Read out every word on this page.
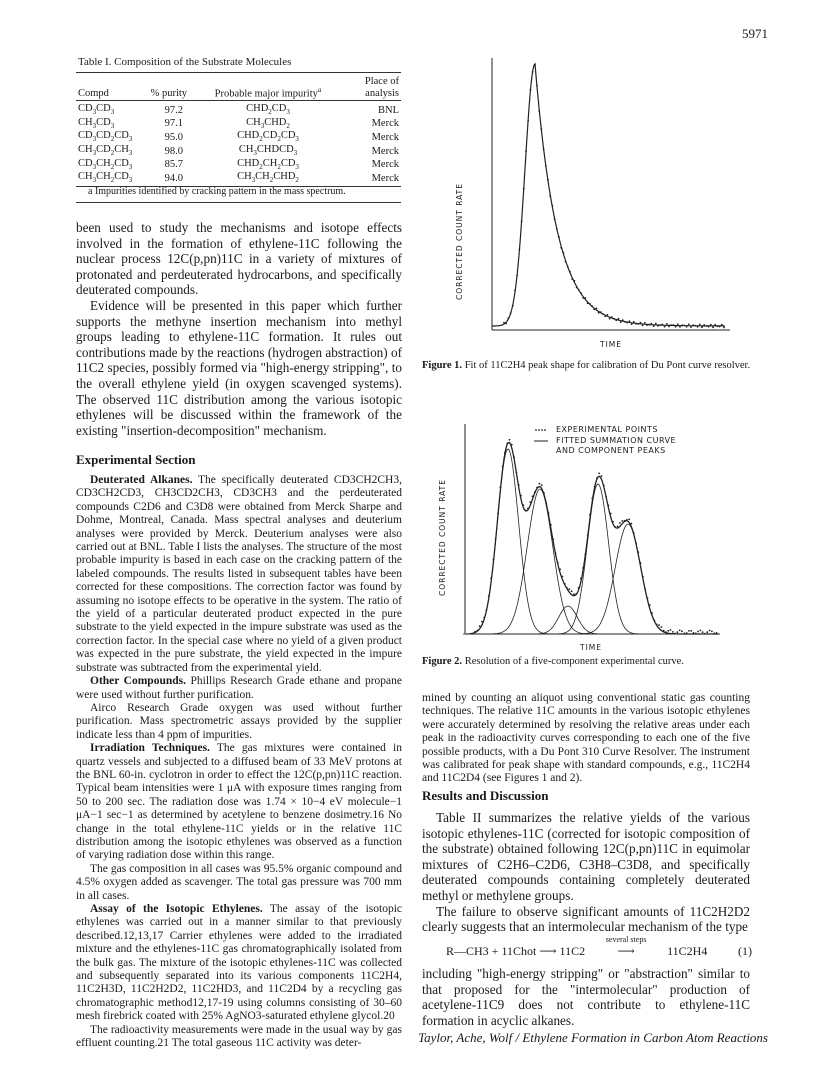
5971
Table I. Composition of the Substrate Molecules
Compd	% purity	Probable major impurity$^a$	Place of analysis

$CD_3CD_3$	97.2	$CHD_2CD_3$	BNL
$CH_3CD_3$	97.1	$CH_3CHD_2$	Merck
$CD_3CD_2CD_3$	95.0	$CHD_2CD_2CD_3$	Merck
$CH_3CD_2CH_3$	98.0	$CH_3CHDCD_3$	Merck
$CD_3CH_2CD_3$	85.7	$CHD_2CH_2CD_3$	Merck
$CH_3CH_2CD_3$	94.0	$CH_3CH_2CHD_2$	Merck

a Impurities identified by cracking pattern in the mass spectrum.

been used to study the mechanisms and isotope effects involved in the formation of ethylene-11C following the nuclear process 12C(p,pn)11C in a variety of mixtures of protonated and perdeuterated hydrocarbons, and specifically deuterated compounds.

Evidence will be presented in this paper which further supports the methyne insertion mechanism into methyl groups leading to ethylene-11C formation. It rules out contributions made by the reactions (hydrogen abstraction) of 11C2 species, possibly formed via "high-energy stripping", to the overall ethylene yield (in oxygen scavenged systems). The observed 11C distribution among the various isotopic ethylenes will be discussed within the framework of the existing "insertion-decomposition" mechanism.

Experimental Section

Deuterated Alkanes. The specifically deuterated CD3CH2CH3, CD3CH2CD3, CH3CD2CH3, CD3CH3 and the perdeuterated compounds C2D6 and C3D8 were obtained from Merck Sharpe and Dohme, Montreal, Canada. Mass spectral analyses and deuterium analyses were provided by Merck. Deuterium analyses were also carried out at BNL. Table I lists the analyses. The structure of the most probable impurity is based in each case on the cracking pattern of the labeled compounds. The results listed in subsequent tables have been corrected for these compositions. The correction factor was found by assuming no isotope effects to be operative in the system. The ratio of the yield of a particular deuterated product expected in the pure substrate to the yield expected in the impure substrate was used as the correction factor. In the special case where no yield of a given product was expected in the pure substrate, the yield expected in the impure substrate was subtracted from the experimental yield.

Other Compounds. Phillips Research Grade ethane and propane were used without further purification.

Airco Research Grade oxygen was used without further purification. Mass spectrometric assays provided by the supplier indicate less than 4 ppm of impurities.

Irradiation Techniques. The gas mixtures were contained in quartz vessels and subjected to a diffused beam of 33 MeV protons at the BNL 60-in. cyclotron in order to effect the 12C(p,pn)11C reaction. Typical beam intensities were 1 μA with exposure times ranging from 50 to 200 sec. The radiation dose was 1.74 × 10−4 eV molecule−1 μA−1 sec−1 as determined by acetylene to benzene dosimetry.16 No change in the total ethylene-11C yields or in the relative 11C distribution among the isotopic ethylenes was observed as a function of varying radiation dose within this range.

The gas composition in all cases was 95.5% organic compound and 4.5% oxygen added as scavenger. The total gas pressure was 700 mm in all cases.

Assay of the Isotopic Ethylenes. The assay of the isotopic ethylenes was carried out in a manner similar to that previously described.12,13,17 Carrier ethylenes were added to the irradiated mixture and the ethylenes-11C gas chromatographically isolated from the bulk gas. The mixture of the isotopic ethylenes-11C was collected and subsequently separated into its various components 11C2H4, 11C2H3D, 11C2H2D2, 11C2HD3, and 11C2D4 by a recycling gas chromatographic method12,17-19 using columns consisting of 30–60 mesh firebrick coated with 25% AgNO3-saturated ethylene glycol.20

The radioactivity measurements were made in the usual way by gas effluent counting.21 The total gaseous 11C activity was deter-

CORRECTED COUNT RATE
TIME
Figure 1. Fit of 11C2H4 peak shape for calibration of Du Pont curve resolver.
EXPERIMENTAL POINTS
FITTED SUMMATION CURVE
AND COMPONENT PEAKS
CORRECTED COUNT RATE
TIME
Figure 2. Resolution of a five-component experimental curve.
mined by counting an aliquot using conventional static gas counting techniques. The relative 11C amounts in the various isotopic ethylenes were accurately determined by resolving the relative areas under each peak in the radioactivity curves corresponding to each one of the five possible products, with a Du Pont 310 Curve Resolver. The instrument was calibrated for peak shape with standard compounds, e.g., 11C2H4 and 11C2D4 (see Figures 1 and 2).
Results and Discussion

Table II summarizes the relative yields of the various isotopic ethylenes-11C (corrected for isotopic composition of the substrate) obtained following 12C(p,pn)11C in equimolar mixtures of C2H6–C2D6, C3H8–C3D8, and specifically deuterated compounds containing completely deuterated methyl or methylene groups.

The failure to observe significant amounts of 11C2H2D2 clearly suggests that an intermolecular mechanism of the type

R—CH3 + 11Chot ⟶ 11C2
several steps
⟶	11C2H4	(1)
including "high-energy stripping" or "abstraction" similar to that proposed for the "intermolecular" production of acetylene-11C9 does not contribute to ethylene-11C formation in acyclic alkanes.
Taylor, Ache, Wolf / Ethylene Formation in Carbon Atom Reactions
